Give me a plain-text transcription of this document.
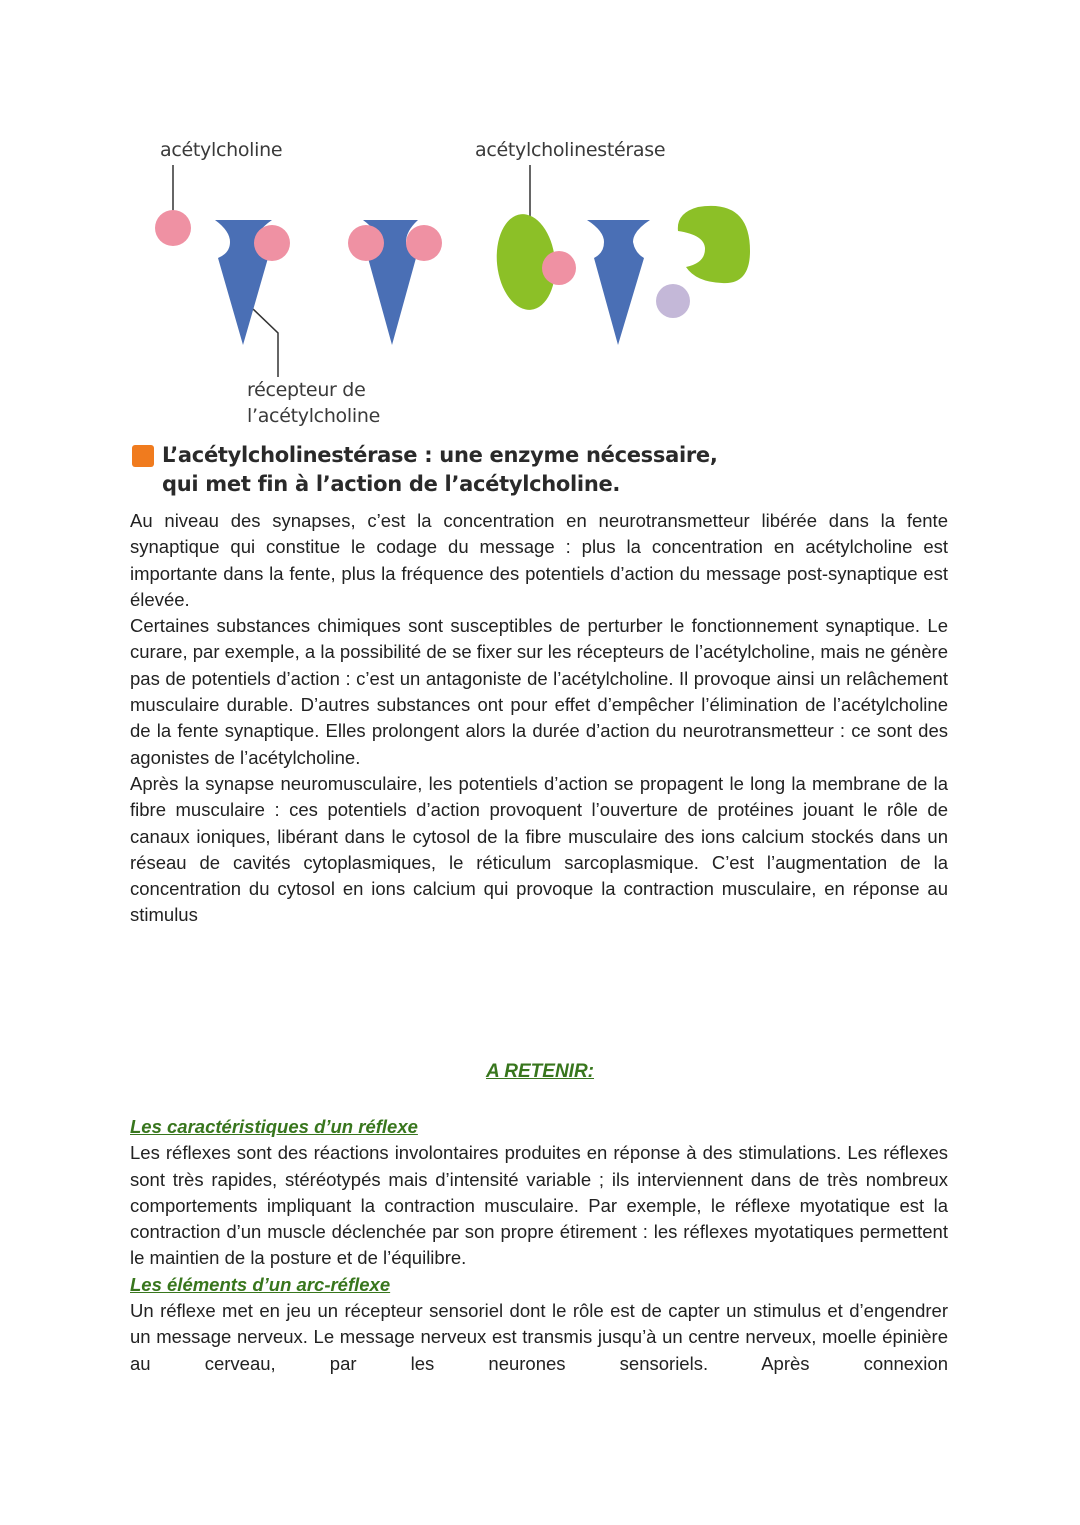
acétylcholine	acétylcholinestérase
récepteur de
l’acétylcholine
L’acétylcholinestérase : une enzyme nécessaire,
qui met fin à l’action de l’acétylcholine.

Au niveau des synapses, c’est la concentration en neurotransmetteur libérée dans la fente synaptique qui constitue le codage du message : plus la concentration en acétylcholine est importante dans la fente, plus la fréquence des potentiels d’action du message post-synaptique est élevée.

Certaines substances chimiques sont susceptibles de perturber le fonctionnement synaptique. Le curare, par exemple, a la possibilité de se fixer sur les récepteurs de l’acétylcholine, mais ne génère pas de potentiels d’action : c’est un antagoniste de l’acétylcholine. Il provoque ainsi un relâchement musculaire durable. D’autres substances ont pour effet d’empêcher l’élimination de l’acétylcholine de la fente synaptique. Elles prolongent alors la durée d’action du neurotransmetteur : ce sont des agonistes de l’acétylcholine.

Après la synapse neuromusculaire, les potentiels d’action se propagent le long la membrane de la fibre musculaire : ces potentiels d’action provoquent l’ouverture de protéines jouant le rôle de canaux ioniques, libérant dans le cytosol de la fibre musculaire des ions calcium stockés dans un réseau de cavités cytoplasmiques, le réticulum sarcoplasmique. C’est l’augmentation de la concentration du cytosol en ions calcium qui provoque la contraction musculaire, en réponse au stimulus

A RETENIR:
Les caractéristiques d’un réflexe

Les réflexes sont des réactions involontaires produites en réponse à des stimulations. Les réflexes sont très rapides, stéréotypés mais d’intensité variable ; ils interviennent dans de très nombreux comportements impliquant la contraction musculaire. Par exemple, le réflexe myotatique est la contraction d’un muscle déclenchée par son propre étirement : les réflexes myotatiques permettent le maintien de la posture et de l’équilibre.

Les éléments d’un arc-réflexe

Un réflexe met en jeu un récepteur sensoriel dont le rôle est de capter un stimulus et d’engendrer un message nerveux. Le message nerveux est transmis jusqu’à un centre nerveux, moelle épinière au cerveau, par les neurones sensoriels. Après connexion
